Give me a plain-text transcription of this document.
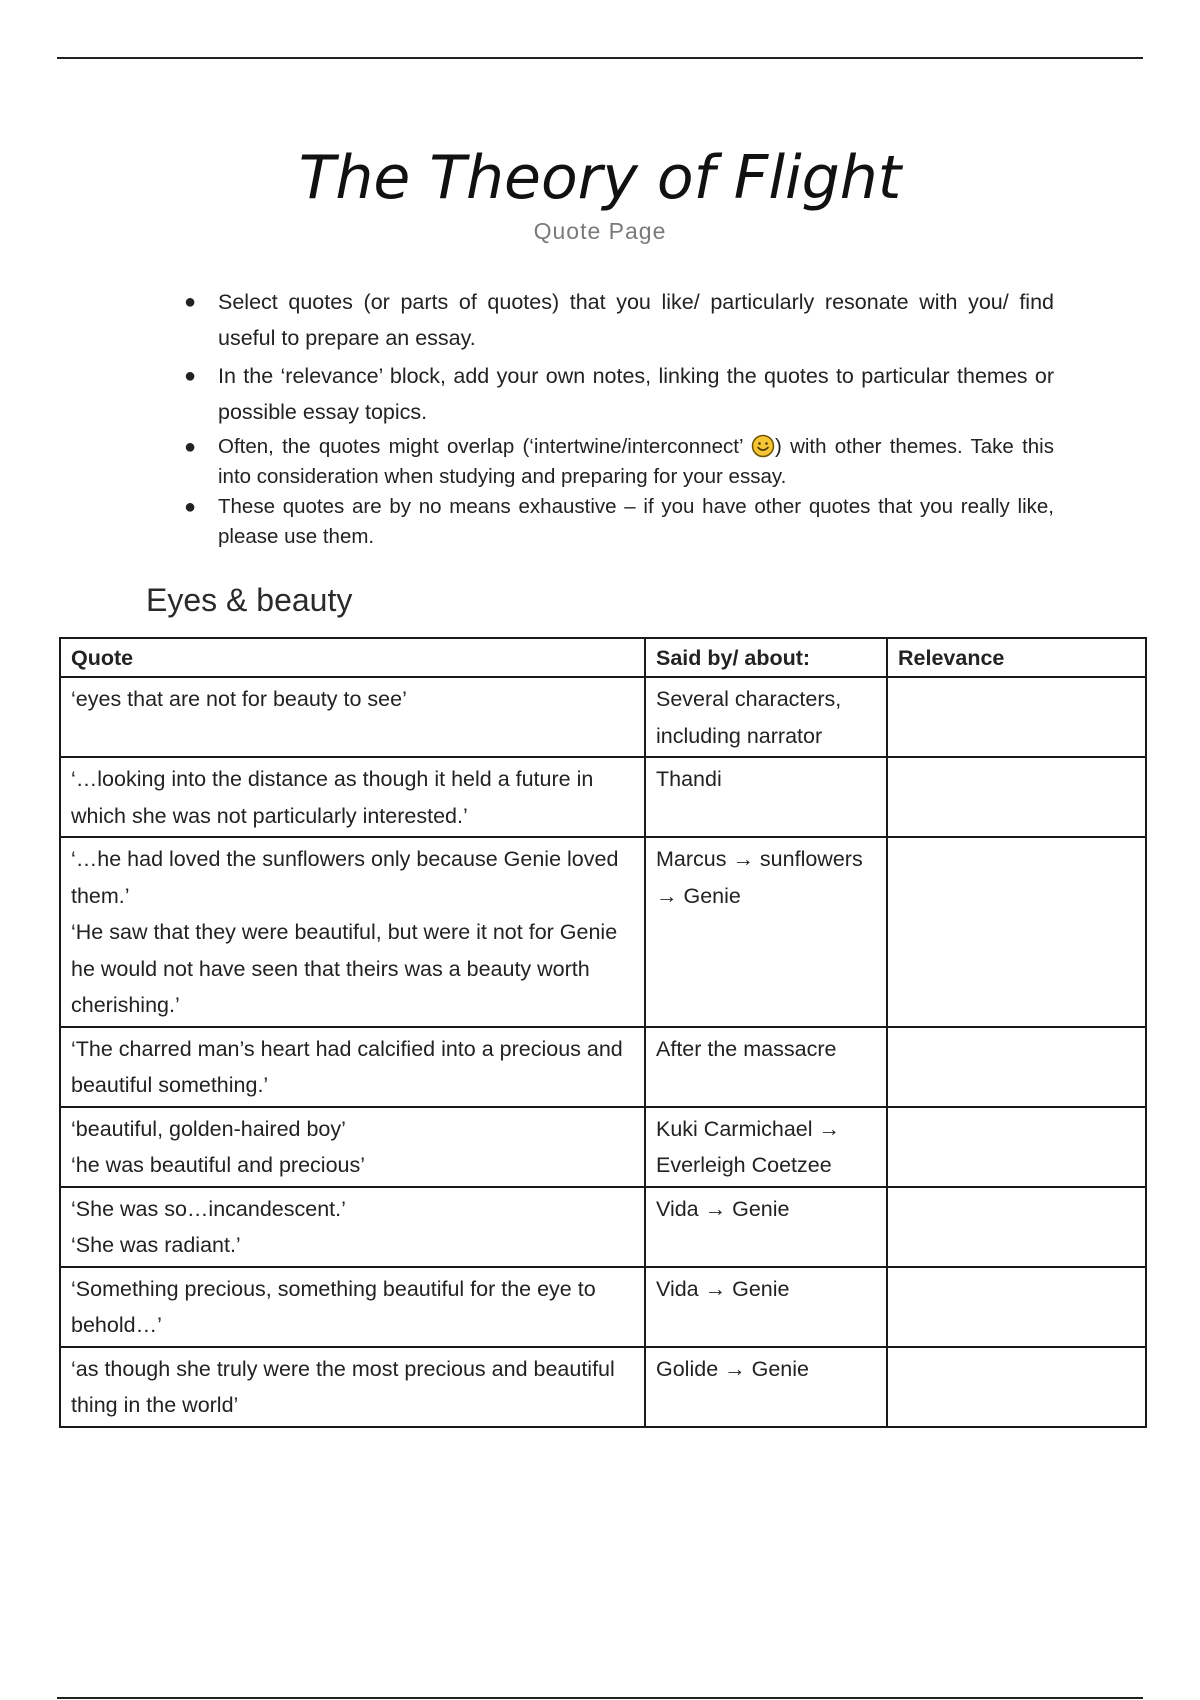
The Theory of Flight
Quote Page
● Select quotes (or parts of quotes) that you like/ particularly resonate with you/ find useful to prepare an essay.
● In the ‘relevance’ block, add your own notes, linking the quotes to particular themes or possible essay topics.
● Often, the quotes might overlap (‘intertwine/interconnect’ ) with other themes. Take this into consideration when studying and preparing for your essay.
● These quotes are by no means exhaustive – if you have other quotes that you really like, please use them.
Eyes & beauty
Quote	Said by/ about:	Relevance

‘eyes that are not for beauty to see’	Several characters, including narrator	

‘…looking into the distance as though it held a future in which she was not particularly interested.’	Thandi	

‘…he had loved the sunflowers only because Genie loved them.’
‘He saw that they were beautiful, but were it not for Genie he would not have seen that theirs was a beauty worth cherishing.’	Marcus → sunflowers → Genie	

‘The charred man’s heart had calcified into a precious and beautiful something.’	After the massacre	

‘beautiful, golden-haired boy’
‘he was beautiful and precious’	Kuki Carmichael → Everleigh Coetzee	

‘She was so…incandescent.’
‘She was radiant.’	Vida → Genie	

‘Something precious, something beautiful for the eye to behold…’	Vida → Genie	

‘as though she truly were the most precious and beautiful thing in the world’	Golide → Genie	
